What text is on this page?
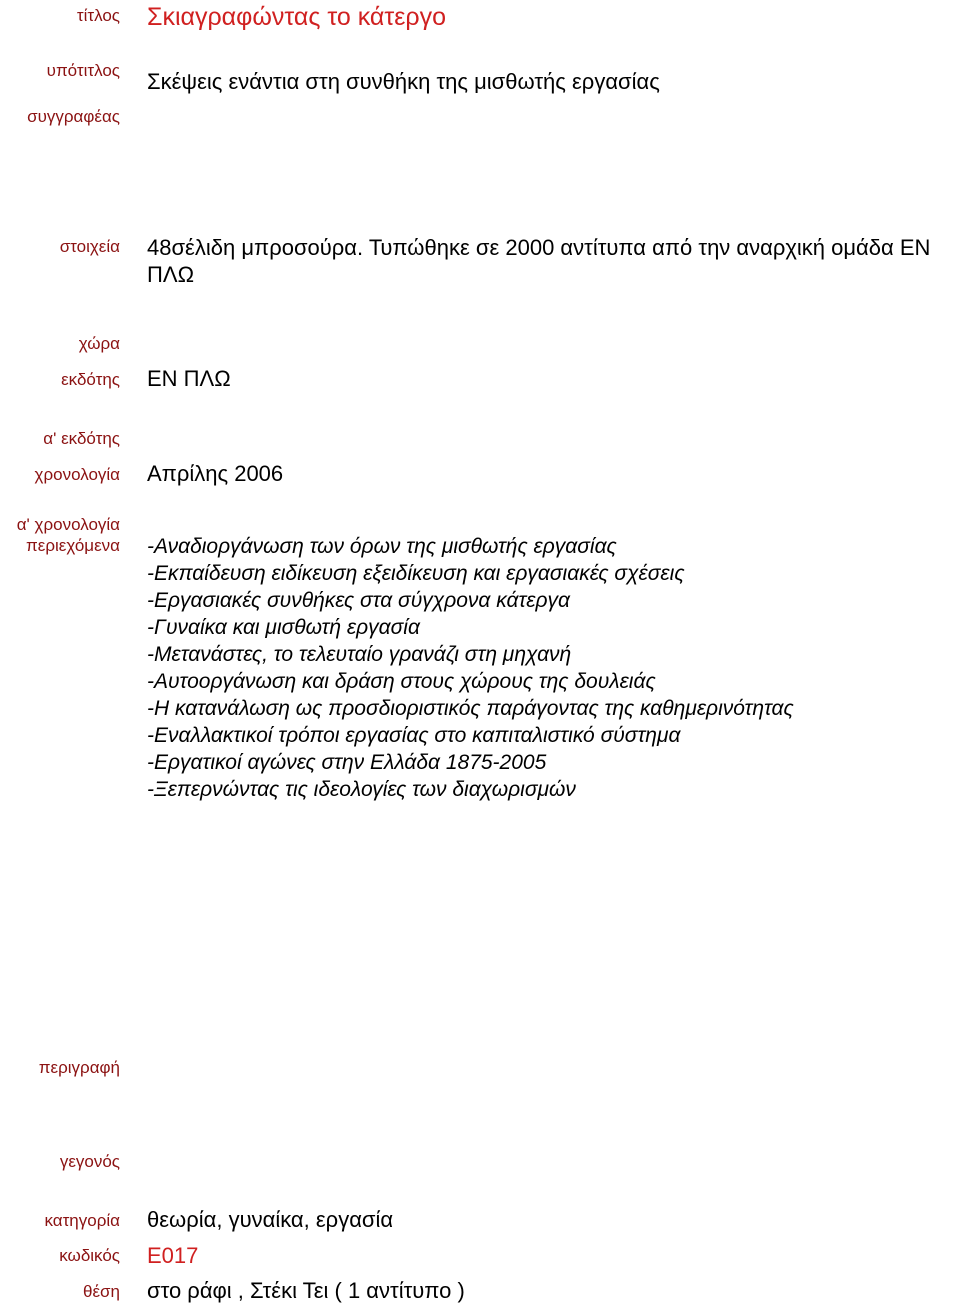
τίτλος
υπότιτλος
συγγραφέας
στοιχεία
χώρα
εκδότης
α' εκδότης
χρονολογία
α' χρονολογία
περιεχόμενα
περιγραφή
γεγονός
κατηγορία
κωδικός
θέση
Σκιαγραφώντας το κάτεργο
Σκέψεις ενάντια στη συνθήκη της μισθωτής εργασίας
48σέλιδη μπροσούρα. Τυπώθηκε σε 2000 αντίτυπα από την αναρχική ομάδα ΕΝ ΠΛΩ
ΕΝ ΠΛΩ
Απρίλης 2006
-Αναδιοργάνωση των όρων της μισθωτής εργασίας
-Εκπαίδευση ειδίκευση εξειδίκευση και εργασιακές σχέσεις
-Εργασιακές συνθήκες στα σύγχρονα κάτεργα
-Γυναίκα και μισθωτή εργασία
-Μετανάστες, το τελευταίο γρανάζι στη μηχανή
-Αυτοοργάνωση και δράση στους χώρους της δουλειάς
-Η κατανάλωση ως προσδιοριστικός παράγοντας της καθημερινότητας
-Εναλλακτικοί τρόποι εργασίας στο καπιταλιστικό σύστημα
-Εργατικοί αγώνες στην Ελλάδα 1875-2005
-Ξεπερνώντας τις ιδεολογίες των διαχωρισμών
θεωρία, γυναίκα, εργασία
Ε017
στο ράφι , Στέκι Τει ( 1 αντίτυπο )
